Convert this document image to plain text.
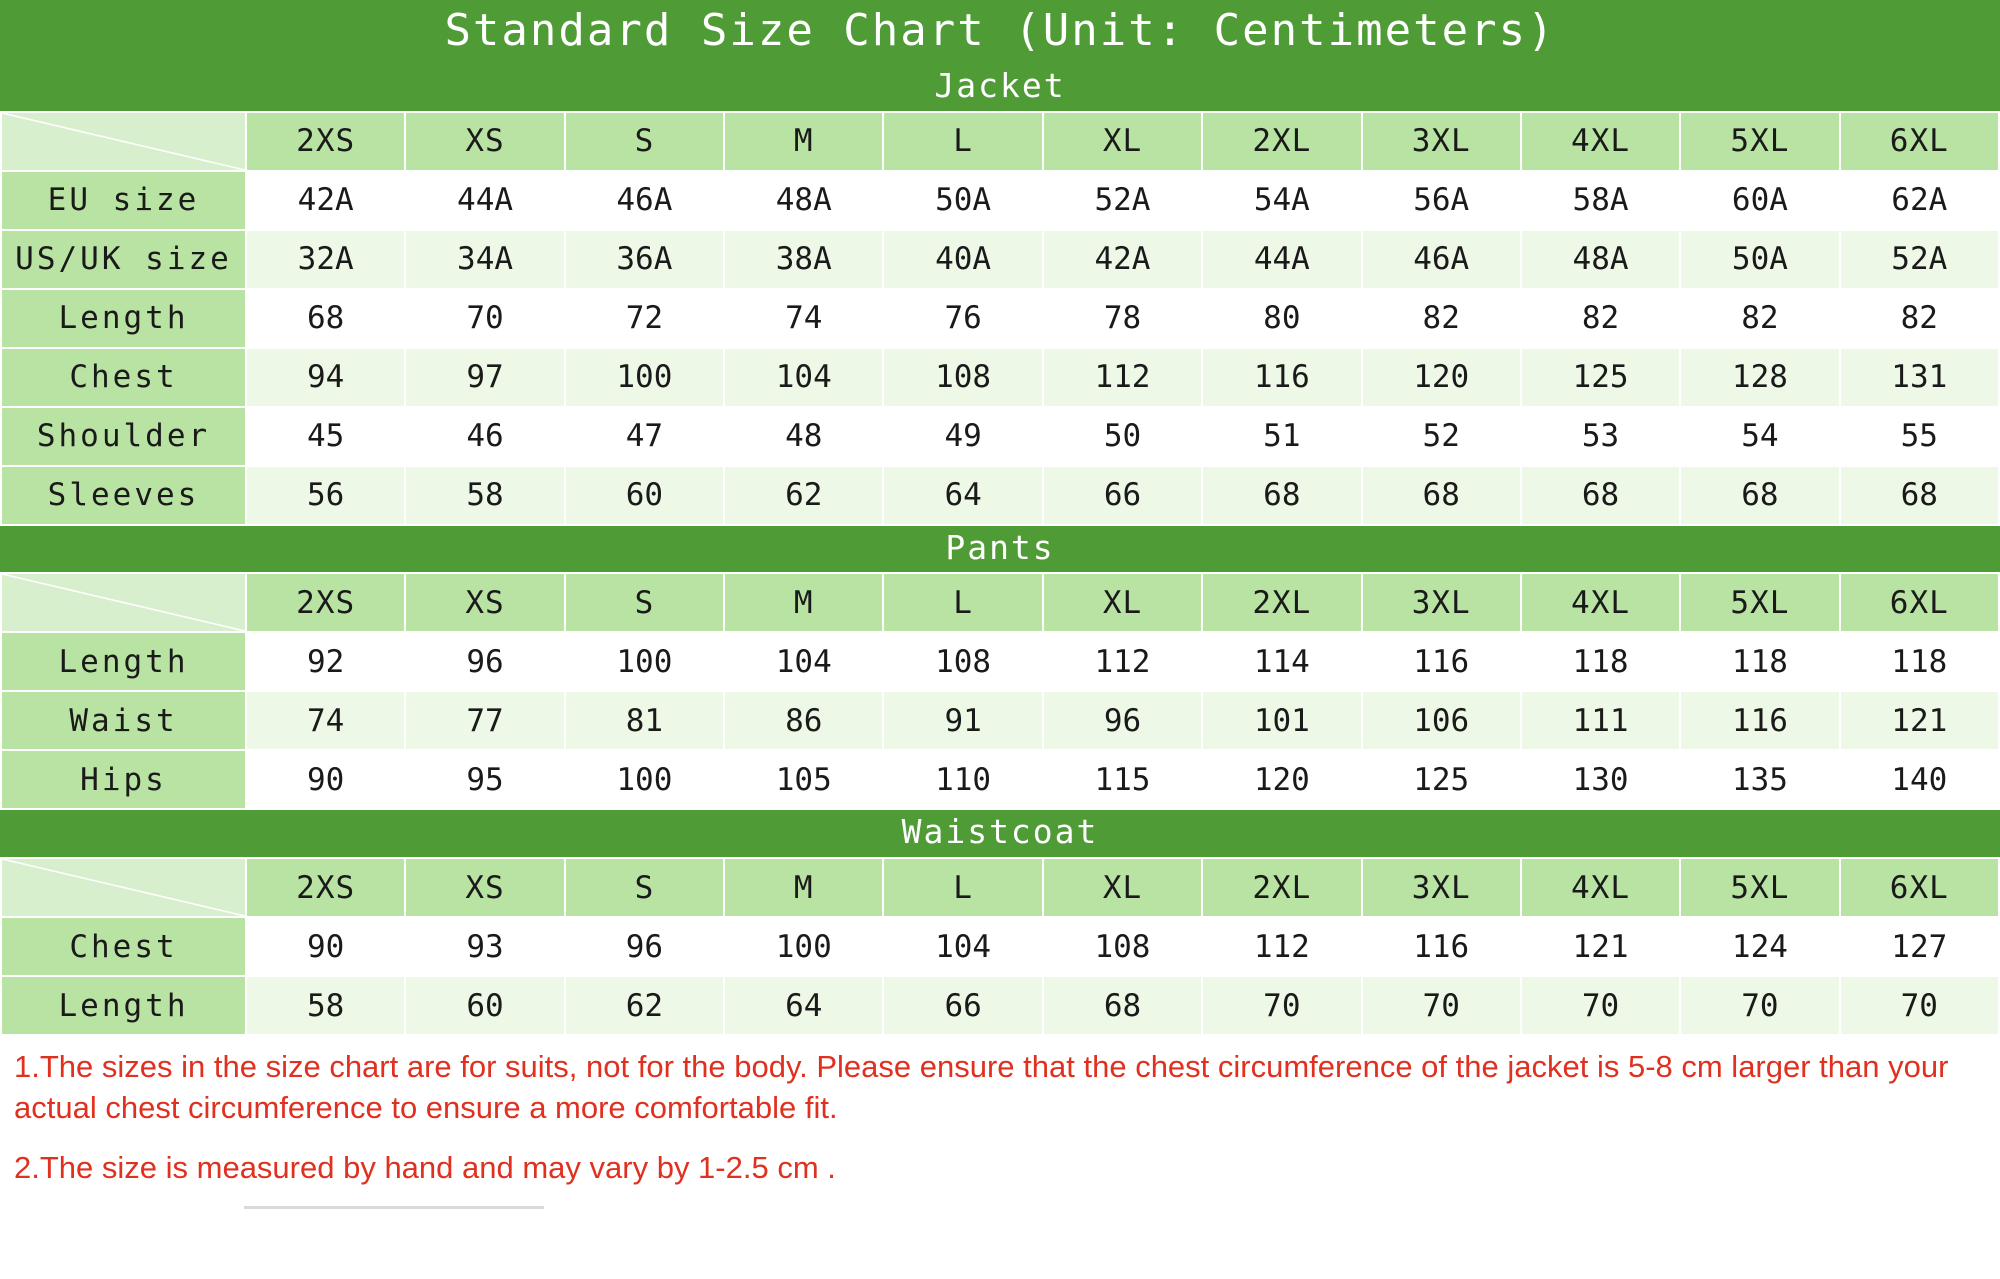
Standard Size Chart (Unit: Centimeters)
Jacket
	2XS	XS	S	M	L	XL	2XL	3XL	4XL	5XL	6XL
EU size	42A	44A	46A	48A	50A	52A	54A	56A	58A	60A	62A
US/UK size	32A	34A	36A	38A	40A	42A	44A	46A	48A	50A	52A
Length	68	70	72	74	76	78	80	82	82	82	82
Chest	94	97	100	104	108	112	116	120	125	128	131
Shoulder	45	46	47	48	49	50	51	52	53	54	55
Sleeves	56	58	60	62	64	66	68	68	68	68	68
Pants
	2XS	XS	S	M	L	XL	2XL	3XL	4XL	5XL	6XL
Length	92	96	100	104	108	112	114	116	118	118	118
Waist	74	77	81	86	91	96	101	106	111	116	121
Hips	90	95	100	105	110	115	120	125	130	135	140
Waistcoat
	2XS	XS	S	M	L	XL	2XL	3XL	4XL	5XL	6XL
Chest	90	93	96	100	104	108	112	116	121	124	127
Length	58	60	62	64	66	68	70	70	70	70	70

1.The sizes in the size chart are for suits, not for the body. Please ensure that the chest circumference of the jacket is 5-8 cm larger than your actual chest circumference to ensure a more comfortable fit.

2.The size is measured by hand and may vary by 1-2.5 cm .
